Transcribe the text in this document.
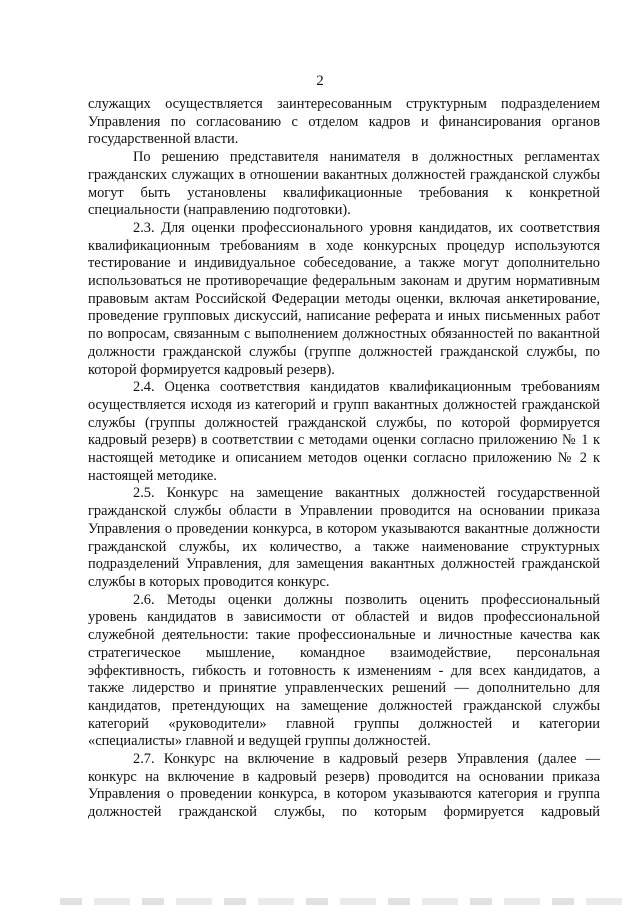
2

служащих осуществляется заинтересованным структурным подразделением Управления по согласованию с отделом кадров и финансирования органов государственной власти.

По решению представителя нанимателя в должностных регламентах гражданских служащих в отношении вакантных должностей гражданской службы могут быть установлены квалификационные требования к конкретной специальности (направлению подготовки).

2.3. Для оценки профессионального уровня кандидатов, их соответствия квалификационным требованиям в ходе конкурсных процедур используются тестирование и индивидуальное собеседование, а также могут дополнительно использоваться не противоречащие федеральным законам и другим нормативным правовым актам Российской Федерации методы оценки, включая анкетирование, проведение групповых дискуссий, написание реферата и иных письменных работ по вопросам, связанным с выполнением должностных обязанностей по вакантной должности гражданской службы (группе должностей гражданской службы, по которой формируется кадровый резерв).

2.4. Оценка соответствия кандидатов квалификационным требованиям осуществляется исходя из категорий и групп вакантных должностей гражданской службы (группы должностей гражданской службы, по которой формируется кадровый резерв) в соответствии с методами оценки согласно приложению № 1 к настоящей методике и описанием методов оценки согласно приложению № 2 к настоящей методике.

2.5. Конкурс на замещение вакантных должностей государственной гражданской службы области в Управлении проводится на основании приказа Управления о проведении конкурса, в котором указываются вакантные должности гражданской службы, их количество, а также наименование структурных подразделений Управления, для замещения вакантных должностей гражданской службы в которых проводится конкурс.

2.6. Методы оценки должны позволить оценить профессиональный уровень кандидатов в зависимости от областей и видов профессиональной служебной деятельности: такие профессиональные и личностные качества как стратегическое мышление, командное взаимодействие, персональная эффективность, гибкость и готовность к изменениям - для всех кандидатов, а также лидерство и принятие управленческих решений — дополнительно для кандидатов, претендующих на замещение должностей гражданской службы категорий «руководители» главной группы должностей и категории «специалисты» главной и ведущей группы должностей.

2.7. Конкурс на включение в кадровый резерв Управления (далее — конкурс на включение в кадровый резерв) проводится на основании приказа Управления о проведении конкурса, в котором указываются категория и группа должностей гражданской службы, по которым формируется кадровый
